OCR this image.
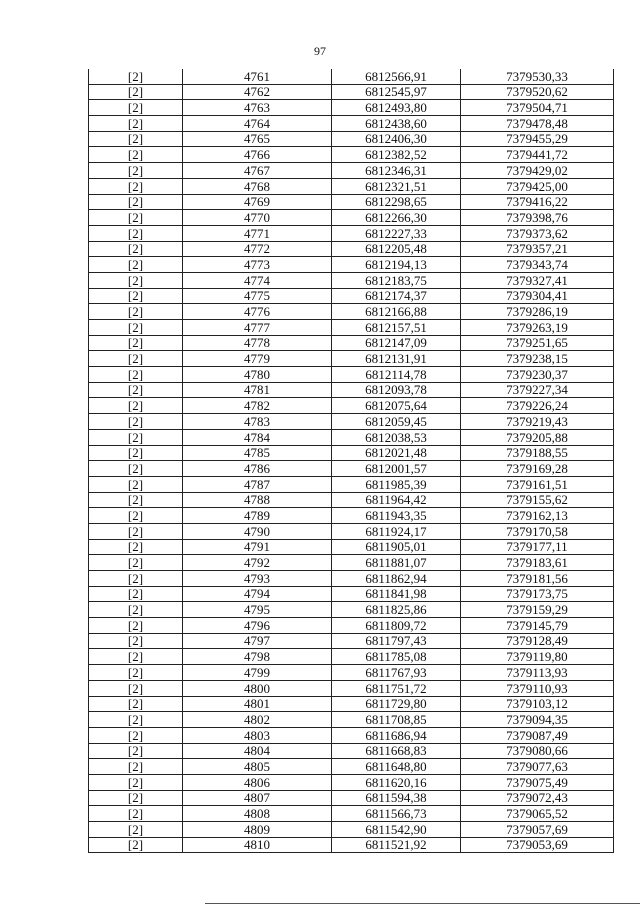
97
[2]	4761	6812566,91	7379530,33
[2]	4762	6812545,97	7379520,62
[2]	4763	6812493,80	7379504,71
[2]	4764	6812438,60	7379478,48
[2]	4765	6812406,30	7379455,29
[2]	4766	6812382,52	7379441,72
[2]	4767	6812346,31	7379429,02
[2]	4768	6812321,51	7379425,00
[2]	4769	6812298,65	7379416,22
[2]	4770	6812266,30	7379398,76
[2]	4771	6812227,33	7379373,62
[2]	4772	6812205,48	7379357,21
[2]	4773	6812194,13	7379343,74
[2]	4774	6812183,75	7379327,41
[2]	4775	6812174,37	7379304,41
[2]	4776	6812166,88	7379286,19
[2]	4777	6812157,51	7379263,19
[2]	4778	6812147,09	7379251,65
[2]	4779	6812131,91	7379238,15
[2]	4780	6812114,78	7379230,37
[2]	4781	6812093,78	7379227,34
[2]	4782	6812075,64	7379226,24
[2]	4783	6812059,45	7379219,43
[2]	4784	6812038,53	7379205,88
[2]	4785	6812021,48	7379188,55
[2]	4786	6812001,57	7379169,28
[2]	4787	6811985,39	7379161,51
[2]	4788	6811964,42	7379155,62
[2]	4789	6811943,35	7379162,13
[2]	4790	6811924,17	7379170,58
[2]	4791	6811905,01	7379177,11
[2]	4792	6811881,07	7379183,61
[2]	4793	6811862,94	7379181,56
[2]	4794	6811841,98	7379173,75
[2]	4795	6811825,86	7379159,29
[2]	4796	6811809,72	7379145,79
[2]	4797	6811797,43	7379128,49
[2]	4798	6811785,08	7379119,80
[2]	4799	6811767,93	7379113,93
[2]	4800	6811751,72	7379110,93
[2]	4801	6811729,80	7379103,12
[2]	4802	6811708,85	7379094,35
[2]	4803	6811686,94	7379087,49
[2]	4804	6811668,83	7379080,66
[2]	4805	6811648,80	7379077,63
[2]	4806	6811620,16	7379075,49
[2]	4807	6811594,38	7379072,43
[2]	4808	6811566,73	7379065,52
[2]	4809	6811542,90	7379057,69
[2]	4810	6811521,92	7379053,69
